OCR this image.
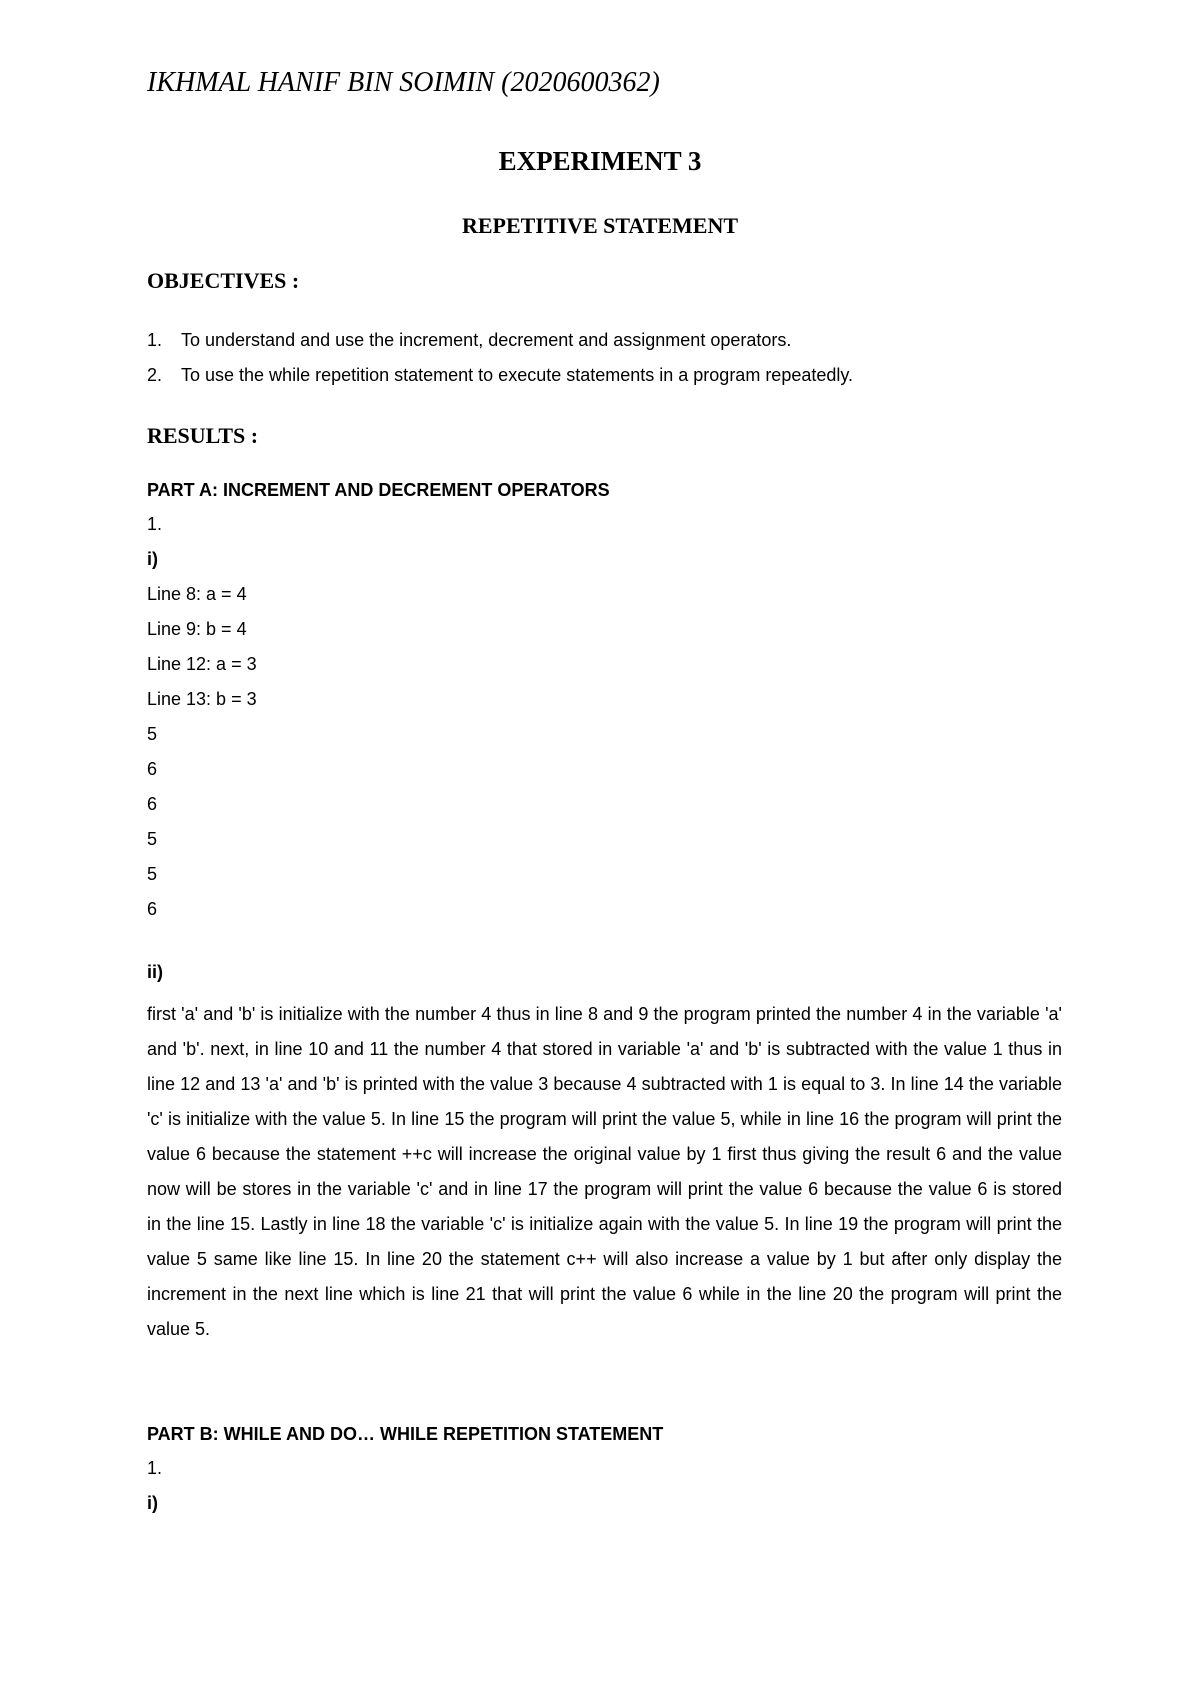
IKHMAL HANIF BIN SOIMIN (2020600362)
EXPERIMENT 3
REPETITIVE STATEMENT
OBJECTIVES :
1.	To understand and use the increment, decrement and assignment operators.
2.	To use the while repetition statement to execute statements in a program repeatedly.
RESULTS :
PART A: INCREMENT AND DECREMENT OPERATORS
1.
i)
Line 8: a = 4
Line 9: b = 4
Line 12: a = 3
Line 13: b = 3
5
6
6
5
5
6
ii)

first 'a' and 'b' is initialize with the number 4 thus in line 8 and 9 the program printed the number 4 in the variable 'a' and 'b'. next, in line 10 and 11 the number 4 that stored in variable 'a' and 'b' is subtracted with the value 1 thus in line 12 and 13 'a' and 'b' is printed with the value 3 because 4 subtracted with 1 is equal to 3. In line 14 the variable 'c' is initialize with the value 5. In line 15 the program will print the value 5, while in line 16 the program will print the value 6 because the statement ++c will increase the original value by 1 first thus giving the result 6 and the value now will be stores in the variable 'c' and in line 17 the program will print the value 6 because the value 6 is stored in the line 15. Lastly in line 18 the variable 'c' is initialize again with the value 5. In line 19 the program will print the value 5 same like line 15. In line 20 the statement c++ will also increase a value by 1 but after only display the increment in the next line which is line 21 that will print the value 6 while in the line 20 the program will print the value 5.

PART B: WHILE AND DO… WHILE REPETITION STATEMENT
1.
i)
